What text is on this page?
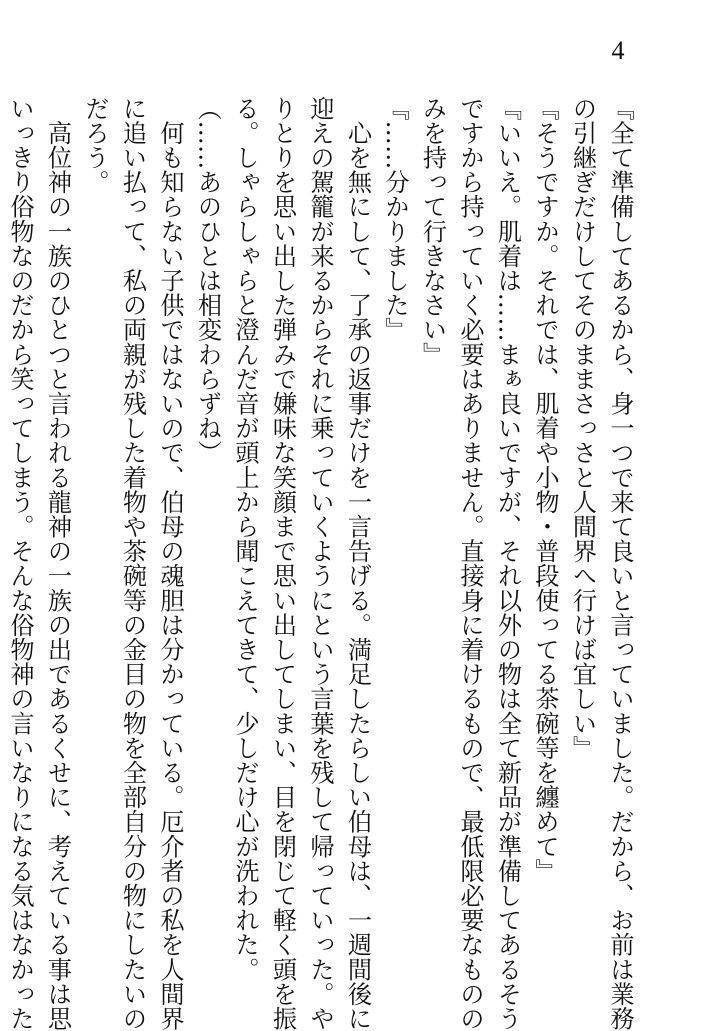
4
『全て準備してあるから、身一つで来て良いと言っていました。だから、お前は業務
の引継ぎだけしてそのままさっさと人間界へ行けば宜しい』
『そうですか。それでは、肌着や小物・普段使ってる茶碗等を纏めて』
『いいえ。肌着は……まぁ良いですが、それ以外の物は全て新品が準備してあるそう
ですから持っていく必要はありません。直接身に着けるもので、最低限必要なものの
みを持って行きなさい』
『……分かりました』
　心を無にして、了承の返事だけを一言告げる。満足したらしい伯母は、一週間後に
迎えの駕籠が来るからそれに乗っていくようにという言葉を残して帰っていった。や
りとりを思い出した弾みで嫌味な笑顔まで思い出してしまい、目を閉じて軽く頭を振
る。しゃらしゃらと澄んだ音が頭上から聞こえてきて、少しだけ心が洗われた。
（……あのひとは相変わらずね）
　何も知らない子供ではないので、伯母の魂胆は分かっている。厄介者の私を人間界
に追い払って、私の両親が残した着物や茶碗等の金目の物を全部自分の物にしたいの
だろう。
　高位神の一族のひとつと言われる龍神の一族の出であるくせに、考えている事は思
いっきり俗物なのだから笑ってしまう。そんな俗物神の言いなりになる気はなかった
